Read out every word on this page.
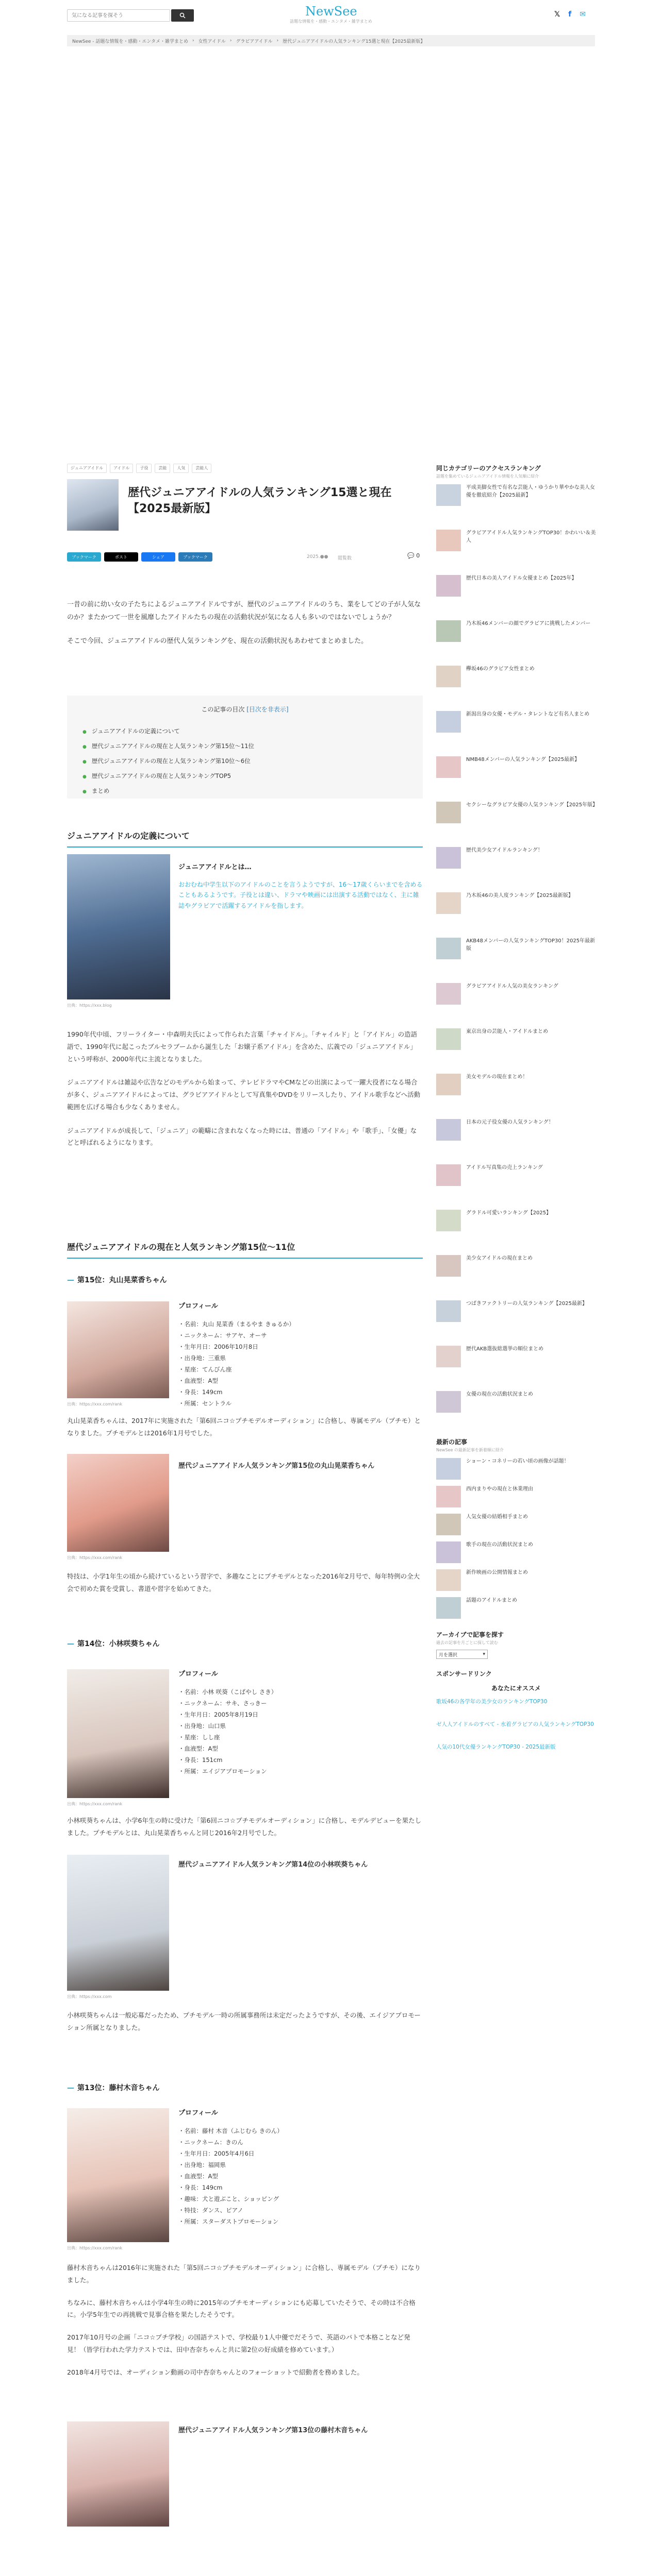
気になる記事を探そう
NewSee
話題な情報を・感動・エンタメ・雑学まとめ
𝕏 f ✉
NewSee - 話題な情報を・感動・エンタメ・雑学まとめ › 女性アイドル › グラビアアイドル › 歴代ジュニアアイドルの人気ランキング15選と現在【2025最新版】
ジュニアアイドル	アイドル	子役	芸能	人気	芸能人
歴代ジュニアアイドルの人気ランキング15選と現在【2025最新版】
ブックマーク	ポスト	シェア	ブックマーク	2025.●● 閲覧数	💬 0

一昔の前に幼い女の子たちによるジュニアアイドルですが、歴代のジュニアアイドルのうち、業をしてどの子が人気なのか？またかつて一世を風靡したアイドルたちの現在の活動状況が気になる人も多いのではないでしょうか？

そこで今回、ジュニアアイドルの歴代人気ランキングを、現在の活動状況もあわせてまとめました。

この記事の目次 [目次を非表示]
● ジュニアアイドルの定義について
● 歴代ジュニアアイドルの現在と人気ランキング第15位〜11位
● 歴代ジュニアアイドルの現在と人気ランキング第10位〜6位
● 歴代ジュニアアイドルの現在と人気ランキングTOP5
● まとめ
ジュニアアイドルの定義について
出典：https://xxx.blog
ジュニアアイドルとは…
おおむね中学生以下のアイドルのことを言うようですが、16〜17歳くらいまでを含めることもあるようです。子役とは違い、ドラマや映画には出演する活動ではなく、主に雑誌やグラビアで活躍するアイドルを指します。

1990年代中頃、フリーライター・中森明夫氏によって作られた言葉「チャイドル」。「チャイルド」と「アイドル」の造語語で、1990年代に起こったブルセラブームから誕生した「お嬢子系アイドル」を含めた、広義での「ジュニアアイドル」という呼称が、2000年代に主流となりました。

ジュニアアイドルは雑誌や広告などのモデルから始まって、テレビドラマやCMなどの出演によって一躍大役者になる場合が多く、ジュニアアイドルによっては、グラビアアイドルとして写真集やDVDをリリースしたり、アイドル歌手などへ活動範囲を広げる場合も少なくありません。

ジュニアアイドルが成長して、「ジュニア」の範疇に含まれなくなった時には、普通の「アイドル」や「歌手」、「女優」などと呼ばれるようになります。

歴代ジュニアアイドルの現在と人気ランキング第15位〜11位
— 第15位：丸山晃菜香ちゃん
出典：https://xxx.com/rank
プロフィール
・名前：丸山 晃菜香（まるやま きゅるか）
・ニックネーム：サアヤ、オーサ
・生年月日：2006年10月8日
・出身地：三重県
・星座：てんびん座
・血液型：A型
・身長：149cm
・所属：セントラル
丸山晃菜香ちゃんは、2017年に実施された「第6回ニコ☆プチモデルオーディション」に合格し、専属モデル（プチモ）となりました。プチモデルとは2016年1月号でした。
出典：https://xxx.com/rank
歴代ジュニアアイドル人気ランキング第15位の丸山晃菜香ちゃん
特技は、小学1年生の頃から続けているという習字で、多趣なことにプチモデルとなった2016年2月号で、毎年特例の全大会で初めた賞を受賞し、書道や習字を始めてきた。
— 第14位：小林咲葵ちゃん
出典：https://xxx.com/rank
プロフィール
・名前：小林 咲葵（こばやし さき）
・ニックネーム：サキ、さっきー
・生年月日：2005年8月19日
・出身地：山口県
・星座：しし座
・血液型：A型
・身長：151cm
・所属：エイジアプロモーション
小林咲葵ちゃんは、小学6年生の時に受けた「第6回ニコ☆プチモデルオーディション」に合格し、モデルデビューを果たしました。プチモデルとは、丸山晃菜香ちゃんと同じ2016年2月号でした。
出典：https://xxx.com
歴代ジュニアアイドル人気ランキング第14位の小林咲葵ちゃん
小林咲葵ちゃんは一般応募だったため、プチモデル一時の所属事務所は未定だったようですが、その後、エイジアプロモーション所属となりました。
— 第13位：藤村木音ちゃん
出典：https://xxx.com/rank
プロフィール
・名前：藤村 木音（ふじむら きのん）
・ニックネーム：きのん
・生年月日：2005年4月6日
・出身地：福岡県
・血液型：A型
・身長：149cm
・趣味：犬と遊ぶこと、ショッピング
・特技：ダンス、ピアノ
・所属：スターダストプロモーション

藤村木音ちゃんは2016年に実施された「第5回ニコ☆プチモデルオーディション」に合格し、専属モデル（プチモ）になりました。

ちなみに、藤村木音ちゃんは小学4年生の時に2015年のプチモオーディションにも応募していたそうで、その時は不合格に。小学5年生での再挑戦で見事合格を果たしたそうです。

2017年10月号の企画「ニコ☆プチ学校」の国語テストで、学校最り1人中優でだそうで、英語のパトで本格ことなど発見！（皆学行われた学力テストでは、田中杏奈ちゃんと共に第2位の好成績を修めています。）

2018年4月号では、オーディション動画の司中杏奈ちゃんとのフォーショットで紹動者を務めました。

歴代ジュニアアイドル人気ランキング第13位の藤村木音ちゃん
同じカテゴリーのアクセスランキング
話題を集めているジュニアアイドル情報を人気順に紹介
平成美脚女性で有名な芸能人・ゆうかり華やかな美人女優を徹底紹介【2025最新】
グラビアアイドル人気ランキングTOP30！かわいい＆美人
歴代日本の美人アイドル女優まとめ【2025年】
乃木坂46メンバーの顔でグラビアに挑戦したメンバー
欅坂46のグラビア女性まとめ
新潟出身の女優・モデル・タレントなど有名人まとめ
NMB48メンバーの人気ランキング【2025最新】
セクシーなグラビア女優の人気ランキング【2025年版】
歴代美少女アイドルランキング！
乃木坂46の美人度ランキング【2025最新版】
AKB48メンバーの人気ランキングTOP30！2025年最新版
グラビアアイドル人気の美女ランキング
東京出身の芸能人・アイドルまとめ
美女モデルの現在まとめ！
日本の元子役女優の人気ランキング！
アイドル写真集の売上ランキング
グラドル可愛いランキング【2025】
美少女アイドルの現在まとめ
つばきファクトリーの人気ランキング【2025最新】
歴代AKB選抜総選挙の順位まとめ
女優の現在の活動状況まとめ
最新の記事
NewSee の最新記事を新着順に紹介
ショーン・コネリーの若い頃の画像が話題！
西内まりやの現在と休業理由
人気女優の結婚相手まとめ
歌手の現在の活動状況まとめ
新作映画の公開情報まとめ
話題のアイドルまとめ
アーカイブで記事を探す
過去の記事を月ごとに探して読む
月を選択	▾
スポンサードリンク
あなたにオススメ
歌坂46の各学年の美少女のランキングTOP30
ゼ人人アイドルのすべて - 水着グラビアの人気ランキングTOP30
人気の10代女優ランキングTOP30 - 2025最新版
